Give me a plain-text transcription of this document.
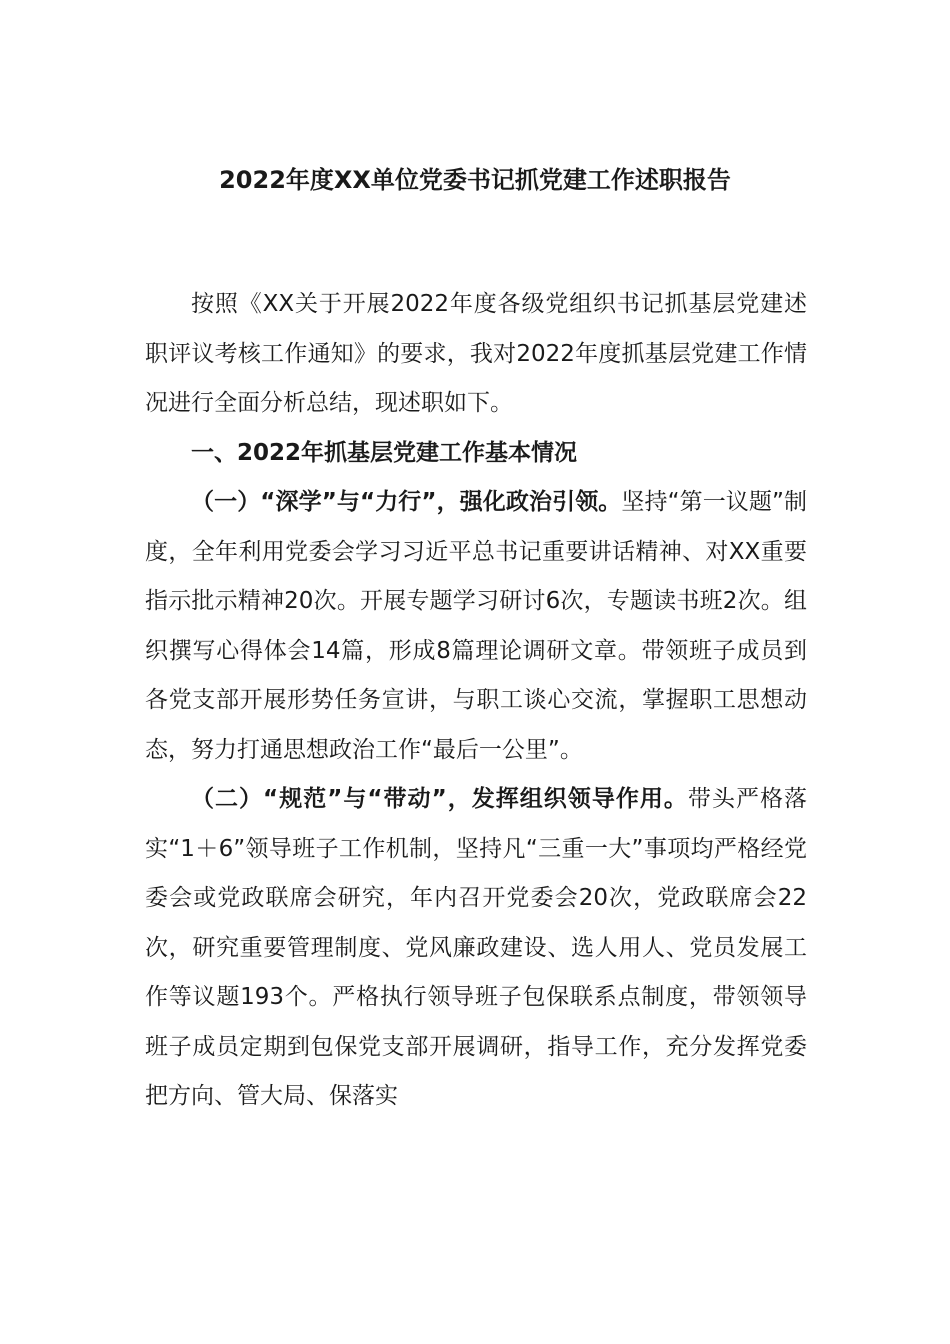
2022年度XX单位党委书记抓党建工作述职报告

按照《XX关于开展2022年度各级党组织书记抓基层党建述职评议考核工作通知》的要求，我对2022年度抓基层党建工作情况进行全面分析总结，现述职如下。

一、2022年抓基层党建工作基本情况

（一）“深学”与“力行”，强化政治引领。坚持“第一议题”制度，全年利用党委会学习习近平总书记重要讲话精神、对XX重要指示批示精神20次。开展专题学习研讨6次，专题读书班2次。组织撰写心得体会14篇，形成8篇理论调研文章。带领班子成员到各党支部开展形势任务宣讲，与职工谈心交流，掌握职工思想动态，努力打通思想政治工作“最后一公里”。

（二）“规范”与“带动”，发挥组织领导作用。带头严格落实“1＋6”领导班子工作机制，坚持凡“三重一大”事项均严格经党委会或党政联席会研究，年内召开党委会20次，党政联席会22次，研究重要管理制度、党风廉政建设、选人用人、党员发展工作等议题193个。严格执行领导班子包保联系点制度，带领领导班子成员定期到包保党支部开展调研，指导工作，充分发挥党委把方向、管大局、保落实
